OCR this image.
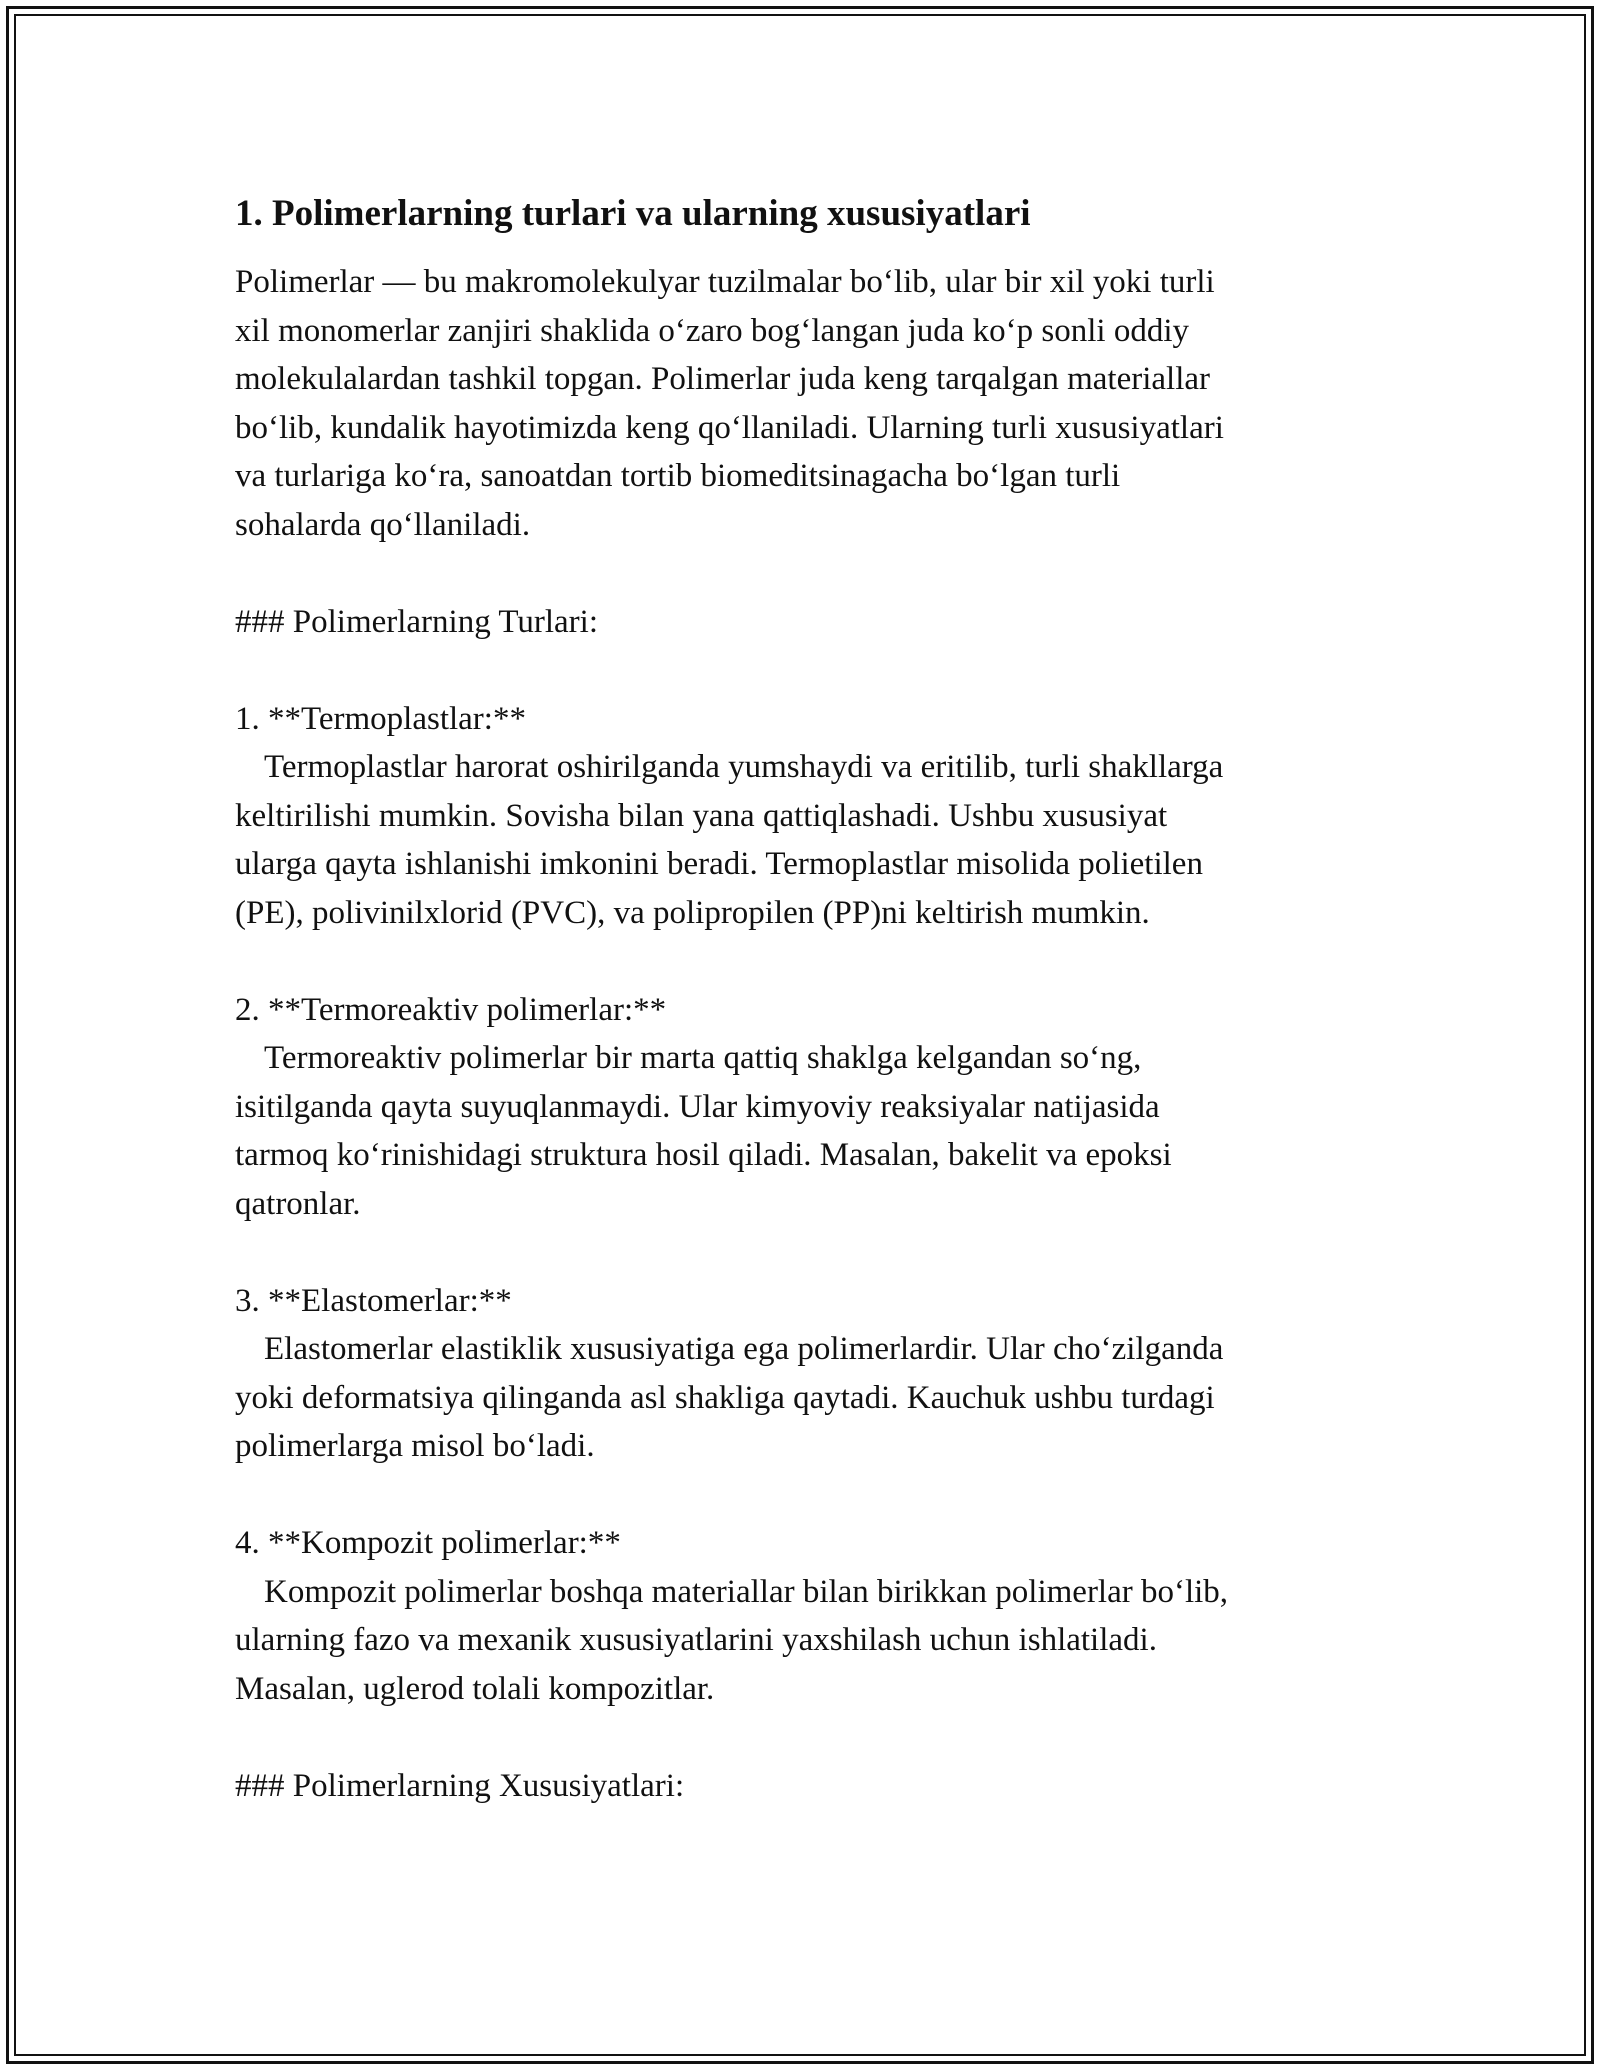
1. Polimerlarning turlari va ularning xususiyatlari
Polimerlar — bu makromolekulyar tuzilmalar bo‘lib, ular bir xil yoki turli
xil monomerlar zanjiri shaklida o‘zaro bog‘langan juda ko‘p sonli oddiy
molekulalardan tashkil topgan. Polimerlar juda keng tarqalgan materiallar
bo‘lib, kundalik hayotimizda keng qo‘llaniladi. Ularning turli xususiyatlari
va turlariga ko‘ra, sanoatdan tortib biomeditsinagacha bo‘lgan turli
sohalarda qo‘llaniladi.
### Polimerlarning Turlari:
1. **Termoplastlar:**
Termoplastlar harorat oshirilganda yumshaydi va eritilib, turli shakllarga
keltirilishi mumkin. Sovisha bilan yana qattiqlashadi. Ushbu xususiyat
ularga qayta ishlanishi imkonini beradi. Termoplastlar misolida polietilen
(PE), polivinilxlorid (PVC), va polipropilen (PP)ni keltirish mumkin.
2. **Termoreaktiv polimerlar:**
Termoreaktiv polimerlar bir marta qattiq shaklga kelgandan so‘ng,
isitilganda qayta suyuqlanmaydi. Ular kimyoviy reaksiyalar natijasida
tarmoq ko‘rinishidagi struktura hosil qiladi. Masalan, bakelit va epoksi
qatronlar.
3. **Elastomerlar:**
Elastomerlar elastiklik xususiyatiga ega polimerlardir. Ular cho‘zilganda
yoki deformatsiya qilinganda asl shakliga qaytadi. Kauchuk ushbu turdagi
polimerlarga misol bo‘ladi.
4. **Kompozit polimerlar:**
Kompozit polimerlar boshqa materiallar bilan birikkan polimerlar bo‘lib,
ularning fazo va mexanik xususiyatlarini yaxshilash uchun ishlatiladi.
Masalan, uglerod tolali kompozitlar.
### Polimerlarning Xususiyatlari:
